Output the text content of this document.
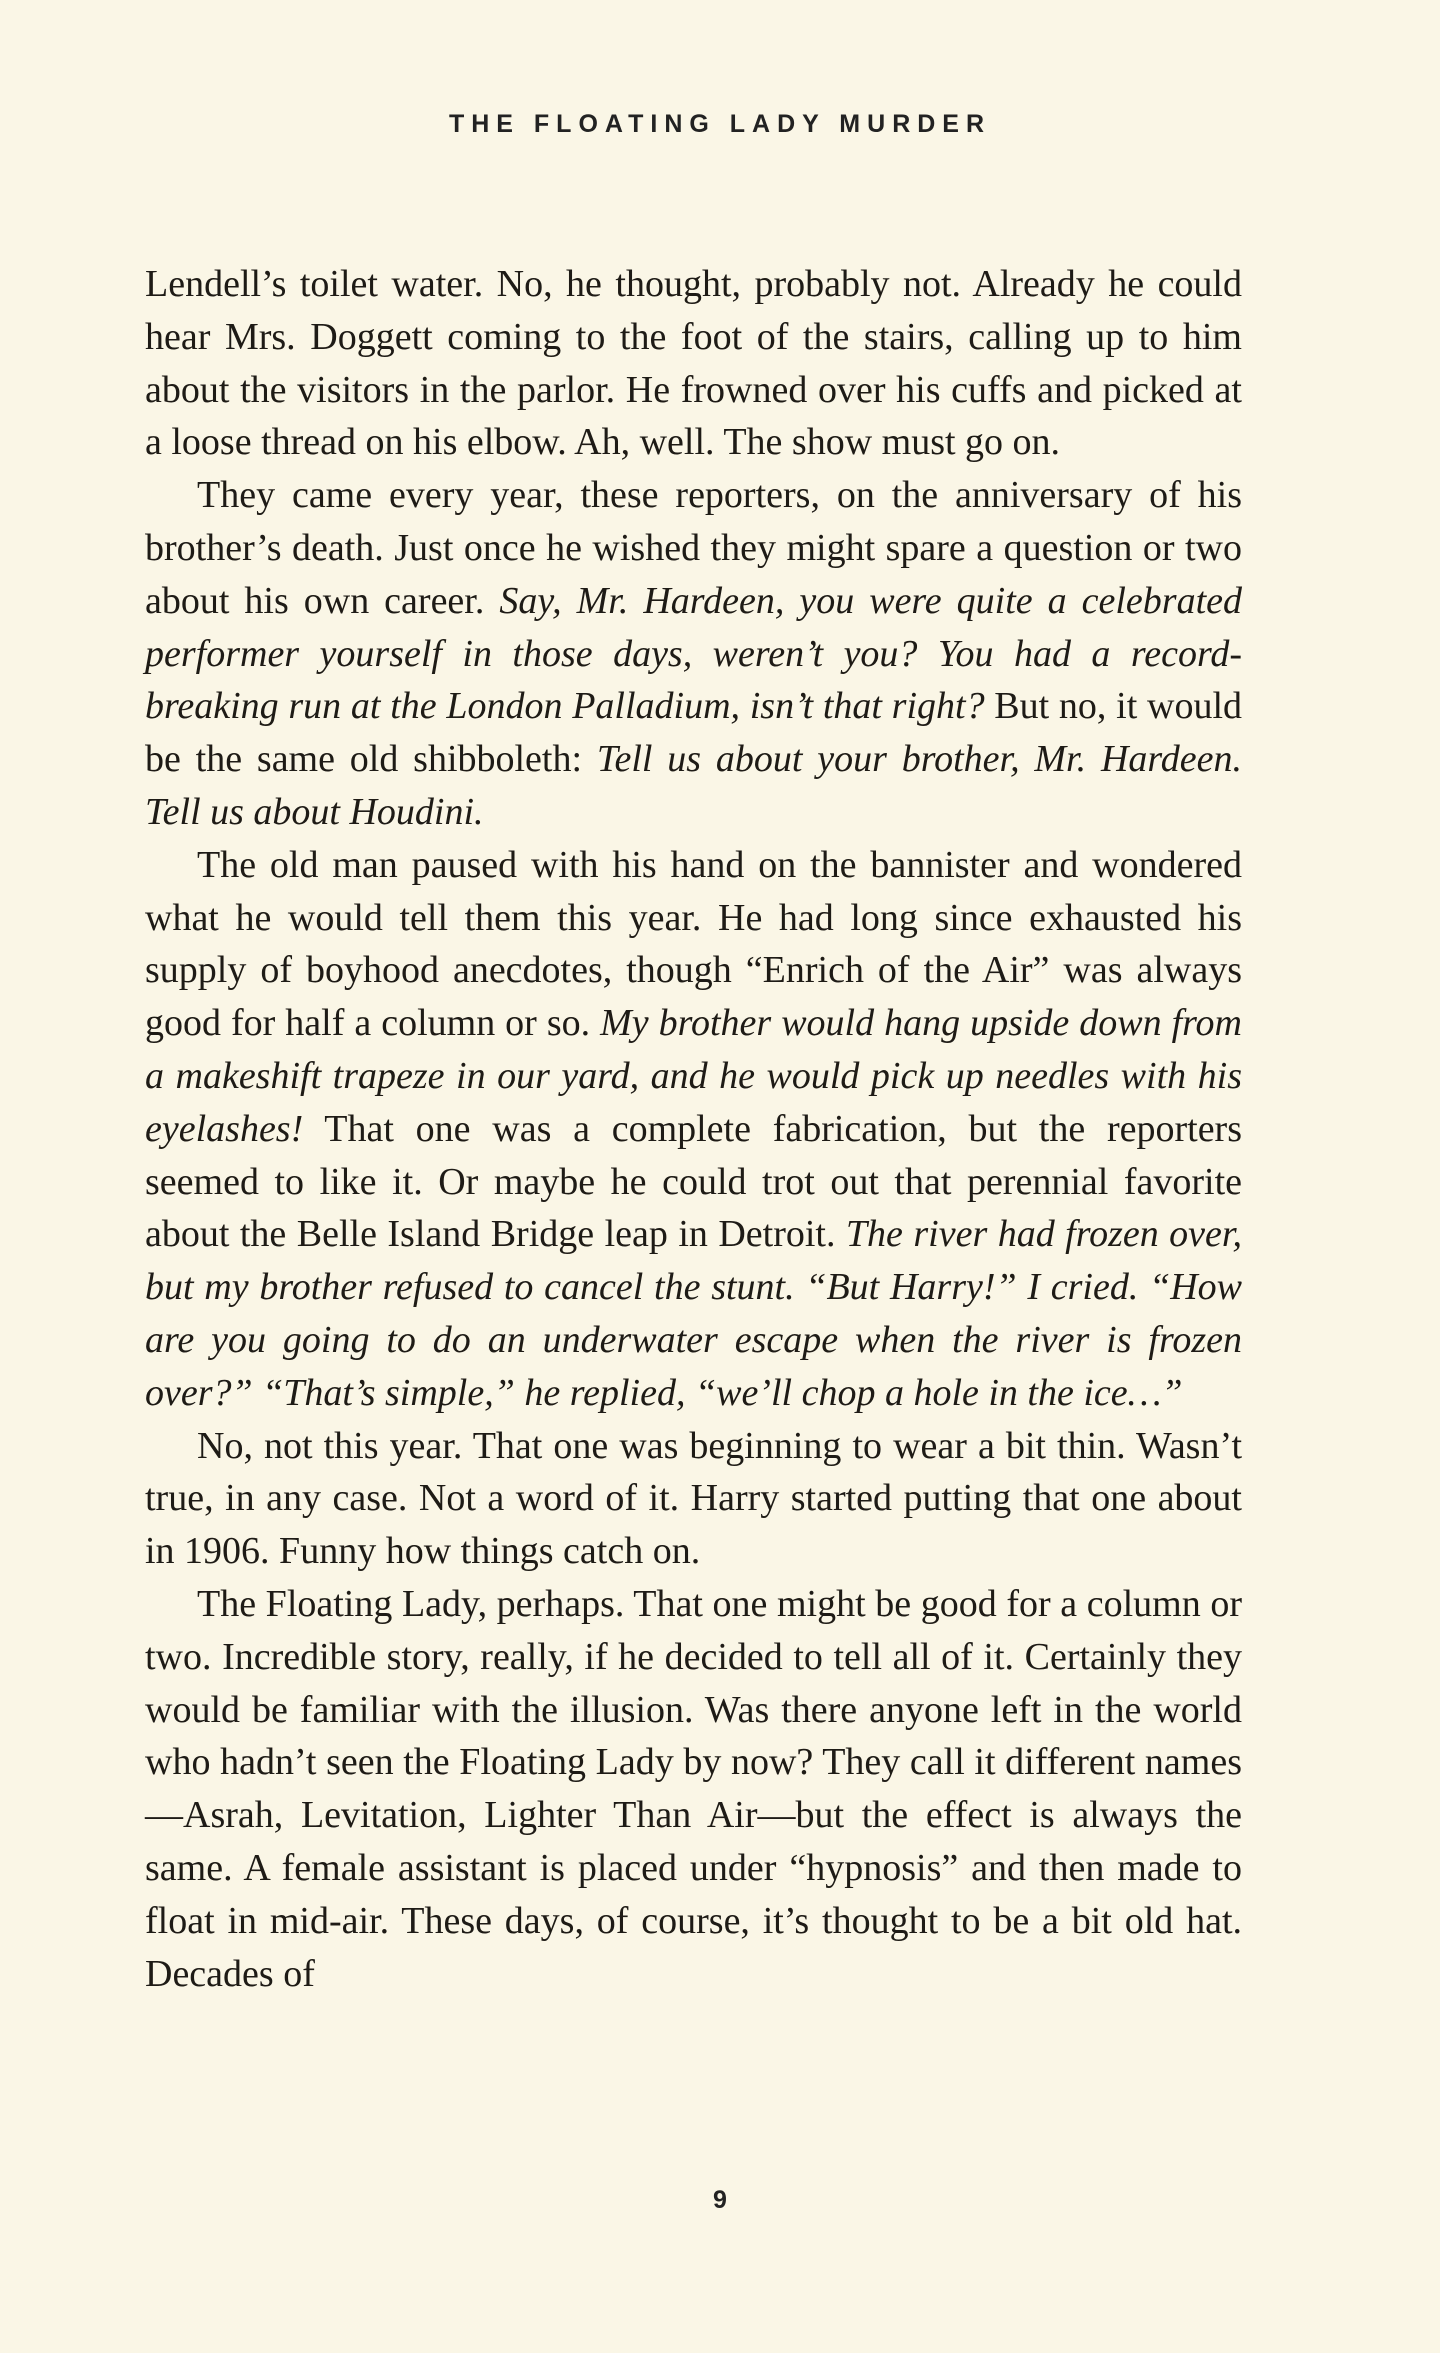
THE FLOATING LADY MURDER

Lendell’s toilet water. No, he thought, probably not. Already he could hear Mrs. Doggett coming to the foot of the stairs, calling up to him about the visitors in the parlor. He frowned over his cuffs and picked at a loose thread on his elbow. Ah, well. The show must go on.

They came every year, these reporters, on the anniversary of his brother’s death. Just once he wished they might spare a question or two about his own career. Say, Mr. Hardeen, you were quite a celebrated performer yourself in those days, weren’t you? You had a record-breaking run at the London Palladium, isn’t that right? But no, it would be the same old shibboleth: Tell us about your brother, Mr. Hardeen. Tell us about Houdini.

The old man paused with his hand on the bannister and wondered what he would tell them this year. He had long since exhausted his supply of boyhood anecdotes, though “Enrich of the Air” was always good for half a column or so. My brother would hang upside down from a makeshift trapeze in our yard, and he would pick up needles with his eyelashes! That one was a complete fabrication, but the reporters seemed to like it. Or maybe he could trot out that perennial favorite about the Belle Island Bridge leap in Detroit. The river had frozen over, but my brother refused to cancel the stunt. “But Harry!” I cried. “How are you going to do an underwater escape when the river is frozen over?” “That’s simple,” he replied, “we’ll chop a hole in the ice…”

No, not this year. That one was beginning to wear a bit thin. Wasn’t true, in any case. Not a word of it. Harry started putting that one about in 1906. Funny how things catch on.

The Floating Lady, perhaps. That one might be good for a column or two. Incredible story, really, if he decided to tell all of it. Certainly they would be familiar with the illusion. Was there anyone left in the world who hadn’t seen the Floating Lady by now? They call it different names—Asrah, Levitation, Lighter Than Air—but the effect is always the same. A female assistant is placed under “hypnosis” and then made to float in mid-air. These days, of course, it’s thought to be a bit old hat. Decades of

9
